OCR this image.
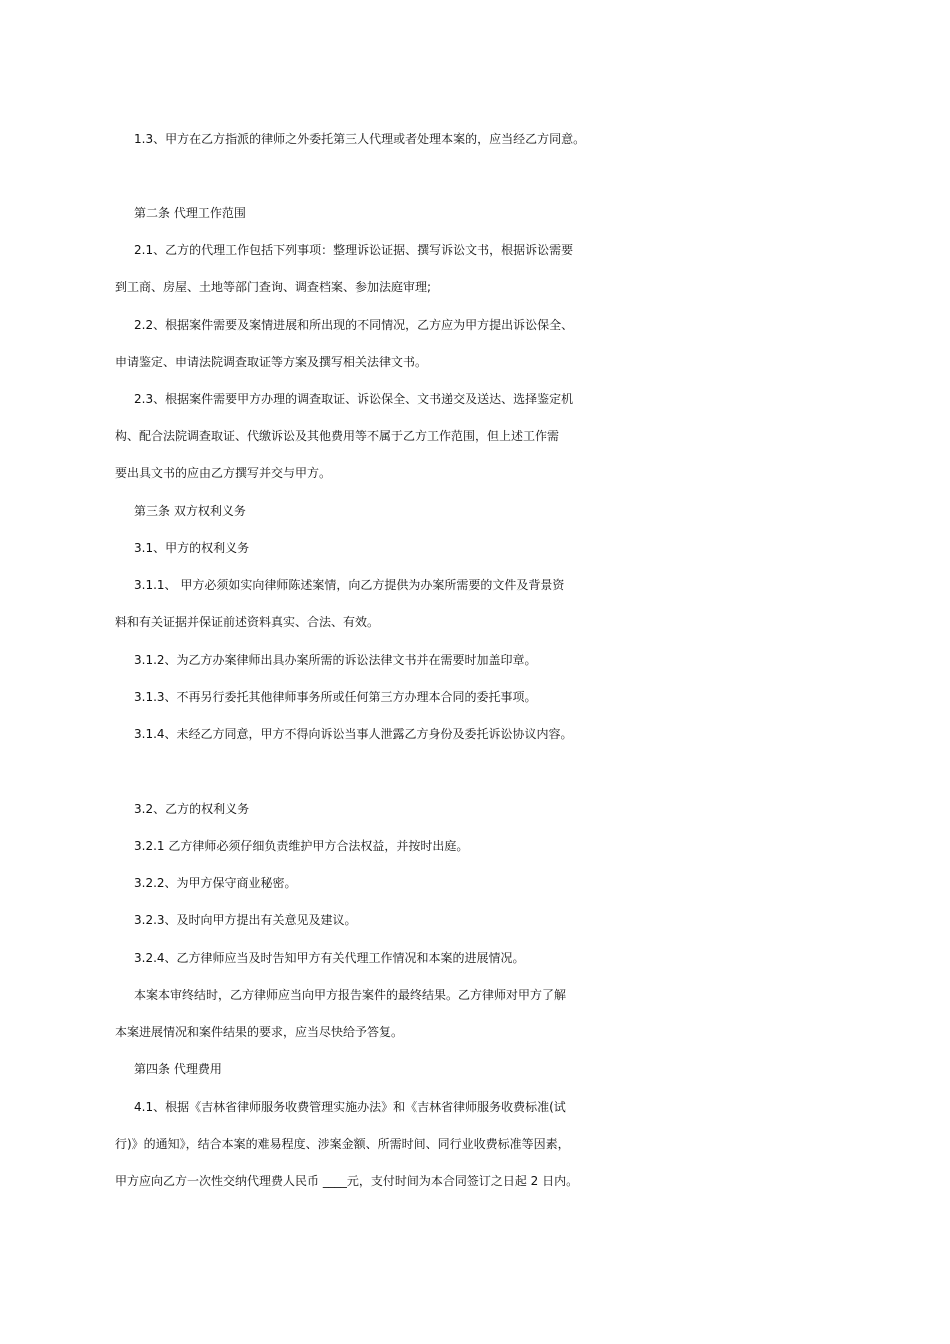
1.3、甲方在乙方指派的律师之外委托第三人代理或者处理本案的，应当经乙方同意。
第二条 代理工作范围
2.1、乙方的代理工作包括下列事项：整理诉讼证据、撰写诉讼文书，根据诉讼需要
到工商、房屋、土地等部门查询、调查档案、参加法庭审理;
2.2、根据案件需要及案情进展和所出现的不同情况，乙方应为甲方提出诉讼保全、
申请鉴定、申请法院调查取证等方案及撰写相关法律文书。
2.3、根据案件需要甲方办理的调查取证、诉讼保全、文书递交及送达、选择鉴定机
构、配合法院调查取证、代缴诉讼及其他费用等不属于乙方工作范围，但上述工作需
要出具文书的应由乙方撰写并交与甲方。
第三条 双方权利义务
3.1、甲方的权利义务
3.1.1、 甲方必须如实向律师陈述案情，向乙方提供为办案所需要的文件及背景资
料和有关证据并保证前述资料真实、合法、有效。
3.1.2、为乙方办案律师出具办案所需的诉讼法律文书并在需要时加盖印章。
3.1.3、不再另行委托其他律师事务所或任何第三方办理本合同的委托事项。
3.1.4、未经乙方同意，甲方不得向诉讼当事人泄露乙方身份及委托诉讼协议内容。
3.2、乙方的权利义务
3.2.1 乙方律师必须仔细负责维护甲方合法权益，并按时出庭。
3.2.2、为甲方保守商业秘密。
3.2.3、及时向甲方提出有关意见及建议。
3.2.4、乙方律师应当及时告知甲方有关代理工作情况和本案的进展情况。
本案本审终结时，乙方律师应当向甲方报告案件的最终结果。乙方律师对甲方了解
本案进展情况和案件结果的要求，应当尽快给予答复。
第四条 代理费用
4.1、根据《吉林省律师服务收费管理实施办法》和《吉林省律师服务收费标准(试
行)》的通知》，结合本案的难易程度、涉案金额、所需时间、同行业收费标准等因素，
甲方应向乙方一次性交纳代理费人民币 ____元，支付时间为本合同签订之日起 2 日内。
